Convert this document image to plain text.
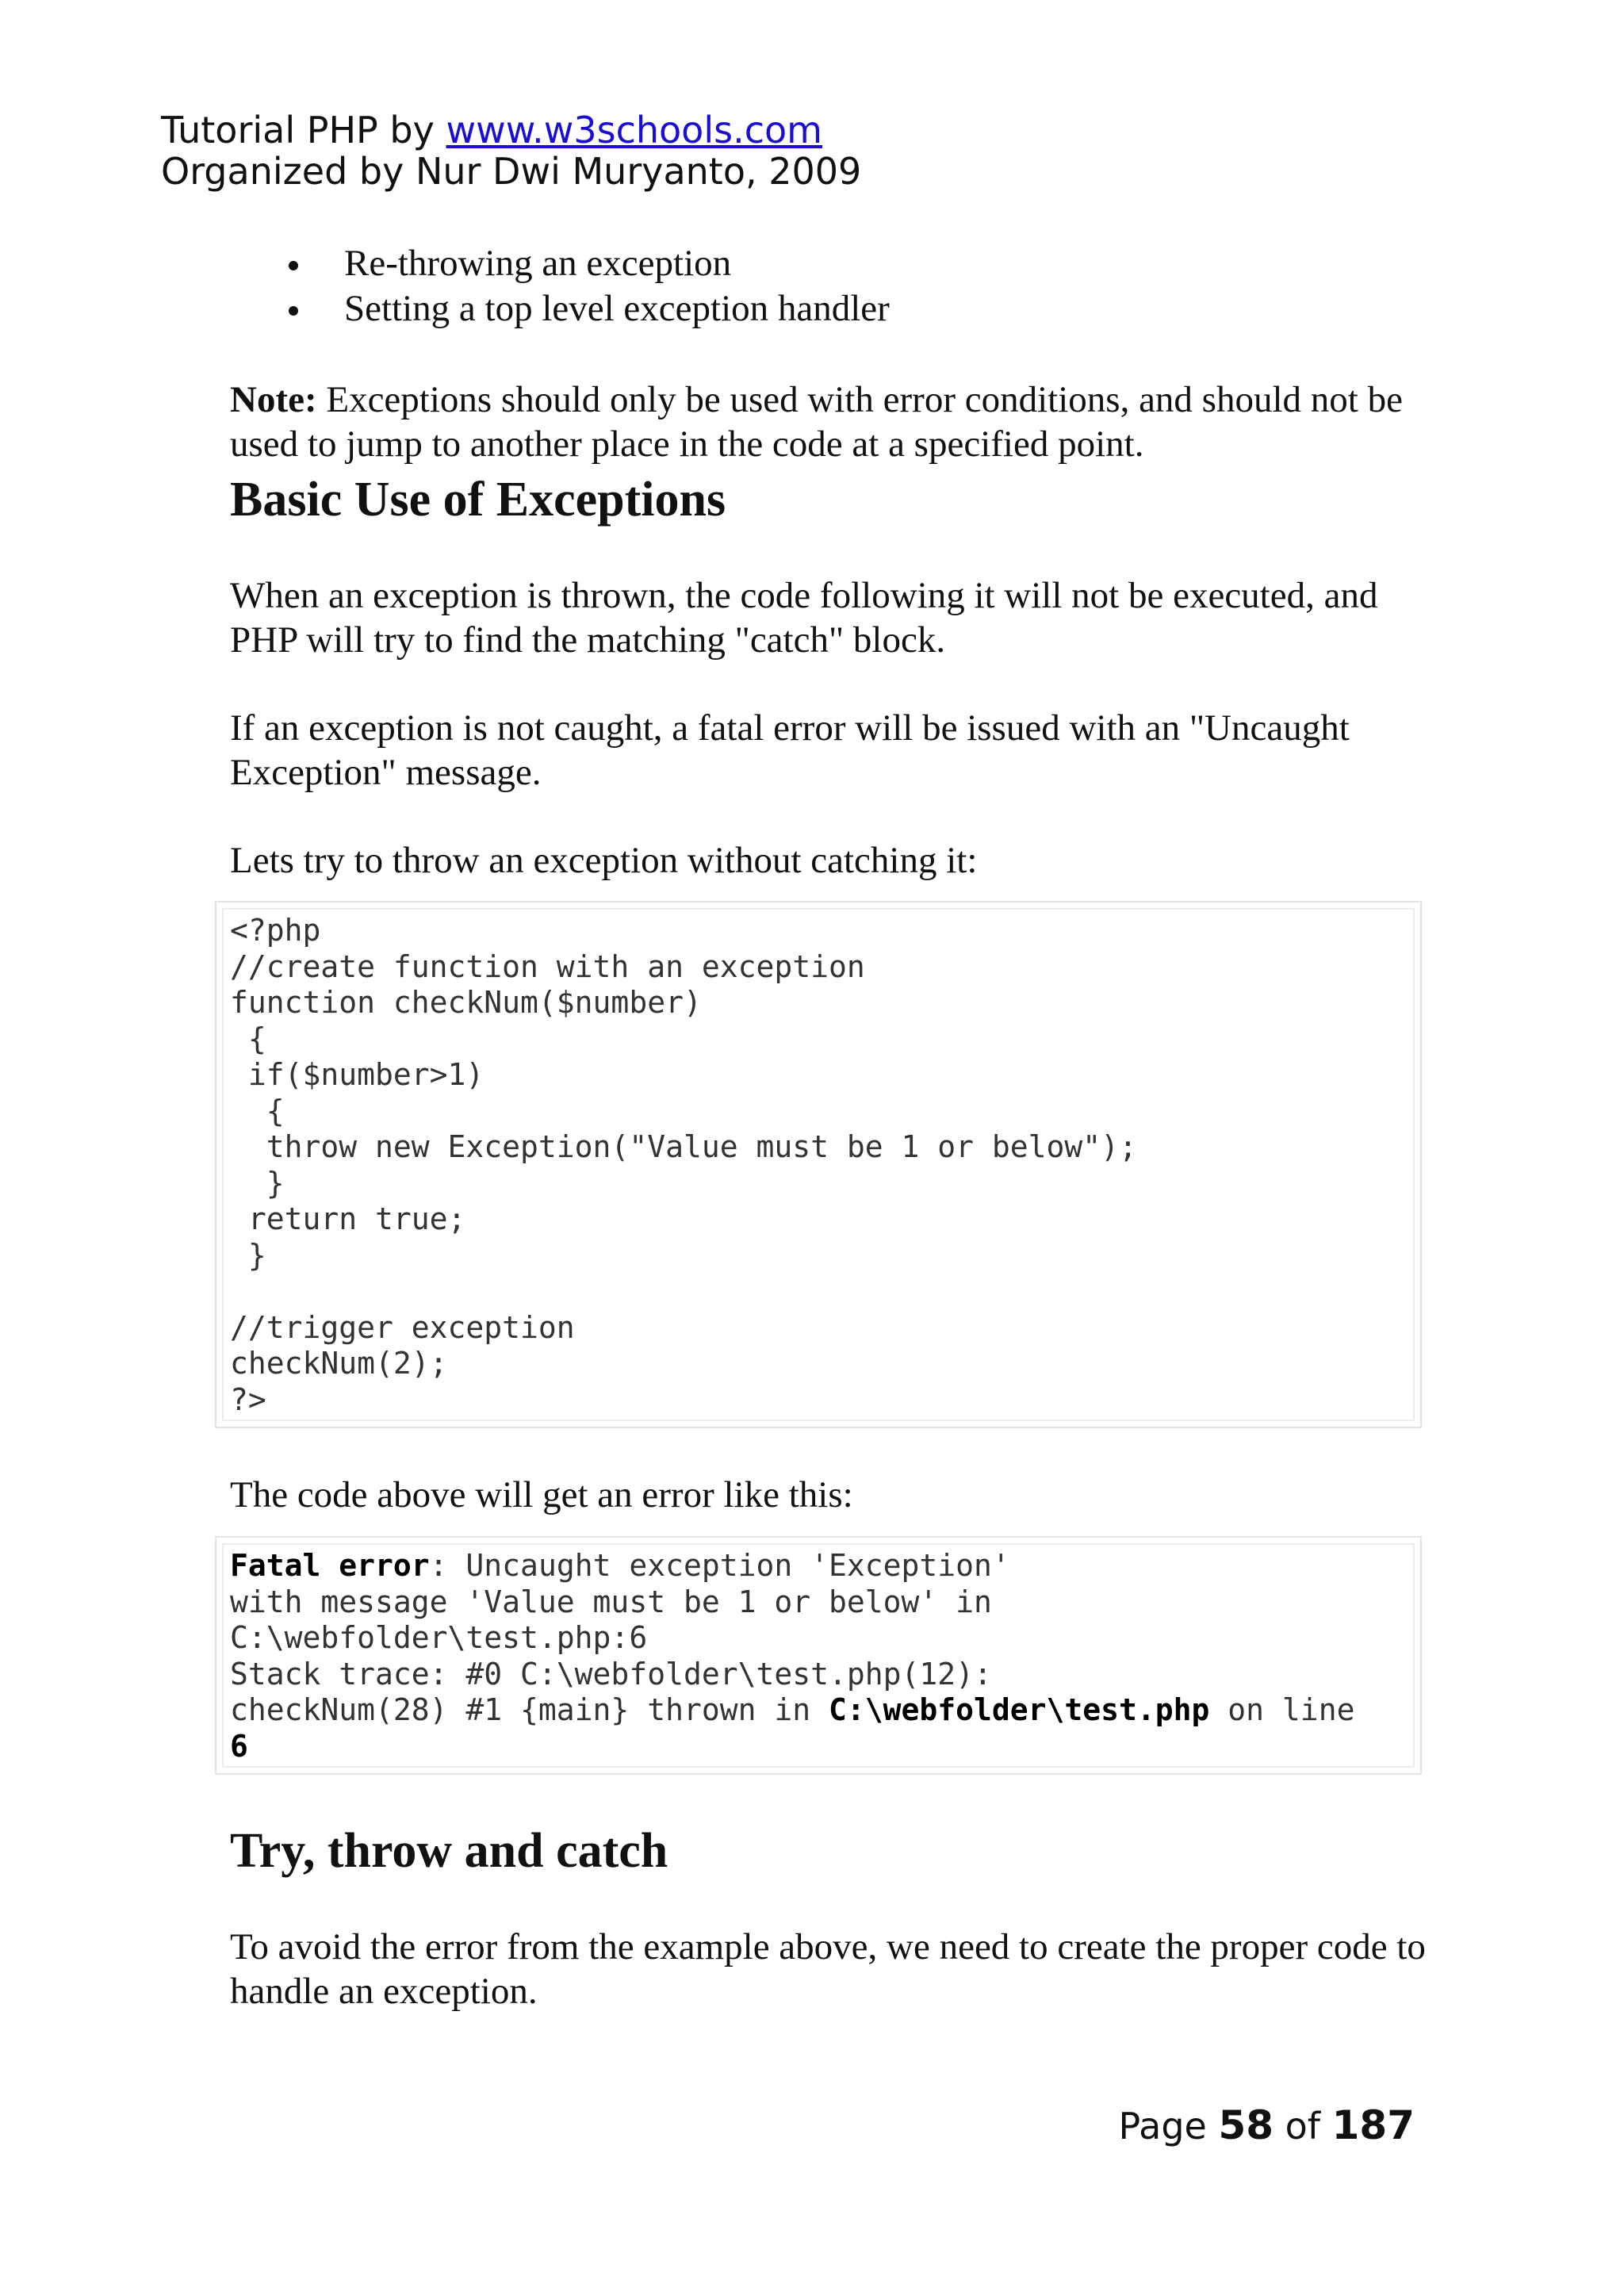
Tutorial PHP by www.w3schools.com
Organized by Nur Dwi Muryanto, 2009
Re-throwing an exception
Setting a top level exception handler

Note: Exceptions should only be used with error conditions, and should not be used to jump to another place in the code at a specified point.

Basic Use of Exceptions

When an exception is thrown, the code following it will not be executed, and PHP will try to find the matching "catch" block.

If an exception is not caught, a fatal error will be issued with an "Uncaught Exception" message.

Lets try to throw an exception without catching it:

<?php
//create function with an exception
function checkNum($number)
{
if($number>1)
{
throw new Exception("Value must be 1 or below");
}
return true;
}

//trigger exception
checkNum(2);
?>

The code above will get an error like this:

Fatal error: Uncaught exception 'Exception'
with message 'Value must be 1 or below' in
C:\webfolder\test.php:6
Stack trace: #0 C:\webfolder\test.php(12):
checkNum(28) #1 {main} thrown in C:\webfolder\test.php on line
6
Try, throw and catch

To avoid the error from the example above, we need to create the proper code to handle an exception.

Page 58 of 187
